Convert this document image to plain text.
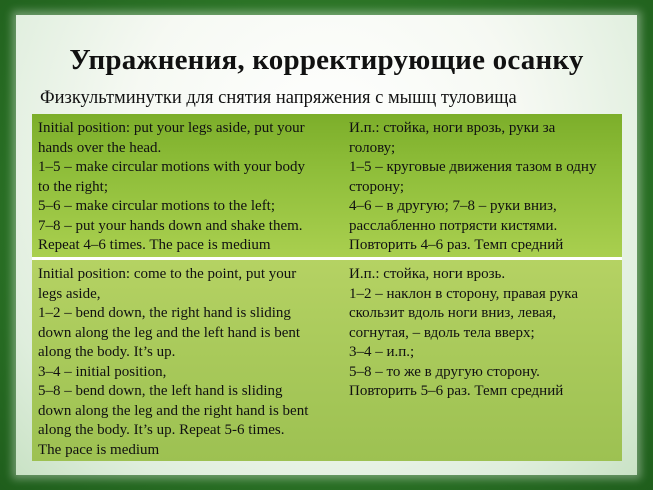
Упражнения, корректирующие осанку
Физкультминутки для снятия напряжения с мышц туловища
Initial position: put your legs aside, put your
hands over the head.
1–5 – make circular motions with your body
to the right;
5–6 – make circular motions to the left;
7–8 – put your hands down and shake them.
Repeat 4–6 times. The pace is medium
И.п.: стойка, ноги врозь, руки за
голову;
1–5 – круговые движения тазом в одну
сторону;
4–6 – в другую; 7–8 – руки вниз,
расслабленно потрясти кистями.
Повторить 4–6 раз. Темп средний
Initial position: come to the point, put your
legs aside,
1–2 – bend down, the right hand is sliding
down along the leg and the left hand is bent
along the body. It’s up.
3–4 – initial position,
5–8 – bend down, the left hand is sliding
down along the leg and the right hand is bent
along the body. It’s up. Repeat 5-6 times.
The pace is medium
И.п.: стойка, ноги врозь.
1–2 – наклон в сторону, правая рука
скользит вдоль ноги вниз, левая,
согнутая, – вдоль тела вверх;
3–4 – и.п.;
5–8 – то же в другую сторону.
Повторить 5–6 раз. Темп средний
